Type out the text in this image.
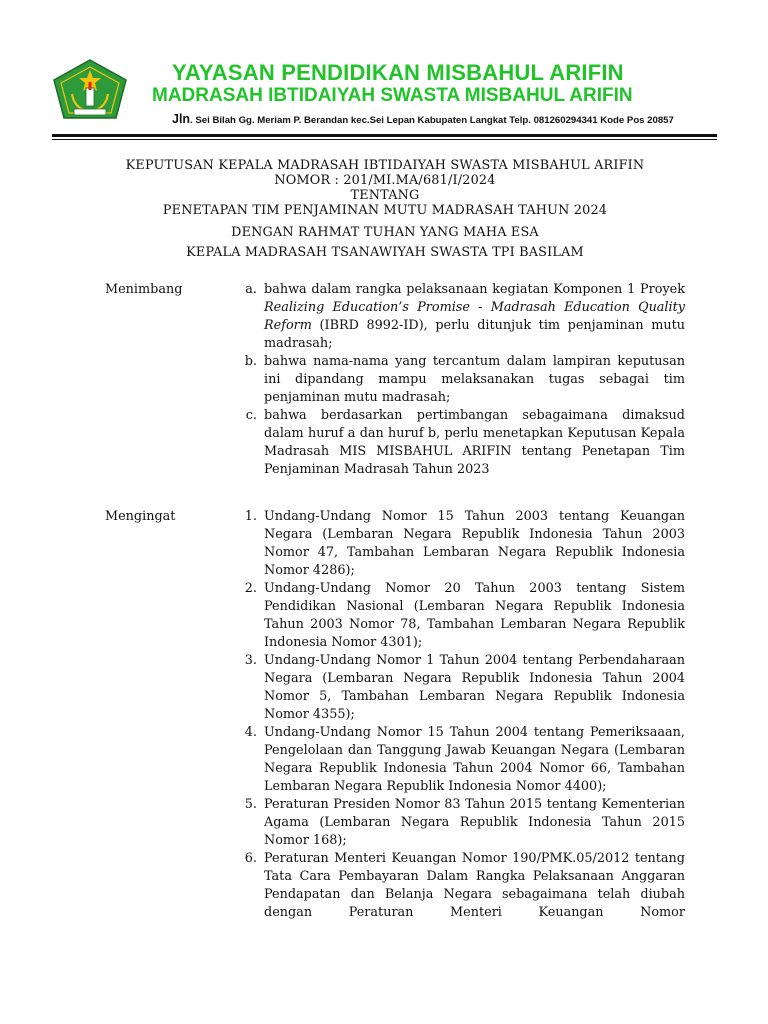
YAYASAN PENDIDIKAN MISBAHUL ARIFIN
MADRASAH IBTIDAIYAH SWASTA MISBAHUL ARIFIN
Jln. Sei Bilah Gg. Meriam P. Berandan kec.Sei Lepan Kabupaten Langkat Telp. 081260294341 Kode Pos 20857
KEPUTUSAN KEPALA MADRASAH IBTIDAIYAH SWASTA MISBAHUL ARIFIN
NOMOR : 201/MI.MA/681/I/2024
TENTANG
PENETAPAN TIM PENJAMINAN MUTU MADRASAH TAHUN 2024
DENGAN RAHMAT TUHAN YANG MAHA ESA
KEPALA MADRASAH TSANAWIYAH SWASTA TPI BASILAM
Menimbang	a. bahwa dalam rangka pelaksanaan kegiatan Komponen 1 Proyek Realizing Education’s Promise - Madrasah Education Quality Reform (IBRD 8992-ID), perlu ditunjuk tim penjaminan mutu madrasah;
b. bahwa nama-nama yang tercantum dalam lampiran keputusan ini dipandang mampu melaksanakan tugas sebagai tim penjaminan mutu madrasah;
c. bahwa berdasarkan pertimbangan sebagaimana dimaksud dalam huruf a dan huruf b, perlu menetapkan Keputusan Kepala Madrasah MIS MISBAHUL ARIFIN tentang Penetapan Tim Penjaminan Madrasah Tahun 2023
Mengingat	1. Undang-Undang Nomor 15 Tahun 2003 tentang Keuangan Negara (Lembaran Negara Republik Indonesia Tahun 2003 Nomor 47, Tambahan Lembaran Negara Republik Indonesia Nomor 4286);
2. Undang-Undang Nomor 20 Tahun 2003 tentang Sistem Pendidikan Nasional (Lembaran Negara Republik Indonesia Tahun 2003 Nomor 78, Tambahan Lembaran Negara Republik Indonesia Nomor 4301);
3. Undang-Undang Nomor 1 Tahun 2004 tentang Perbendaharaan Negara (Lembaran Negara Republik Indonesia Tahun 2004 Nomor 5, Tambahan Lembaran Negara Republik Indonesia Nomor 4355);
4. Undang-Undang Nomor 15 Tahun 2004 tentang Pemeriksaaan, Pengelolaan dan Tanggung Jawab Keuangan Negara (Lembaran Negara Republik Indonesia Tahun 2004 Nomor 66, Tambahan Lembaran Negara Republik Indonesia Nomor 4400);
5. Peraturan Presiden Nomor 83 Tahun 2015 tentang Kementerian Agama (Lembaran Negara Republik Indonesia Tahun 2015 Nomor 168);
6. Peraturan Menteri Keuangan Nomor 190/PMK.05/2012 tentang Tata Cara Pembayaran Dalam Rangka Pelaksanaan Anggaran Pendapatan dan Belanja Negara sebagaimana telah diubah dengan Peraturan Menteri Keuangan Nomor
